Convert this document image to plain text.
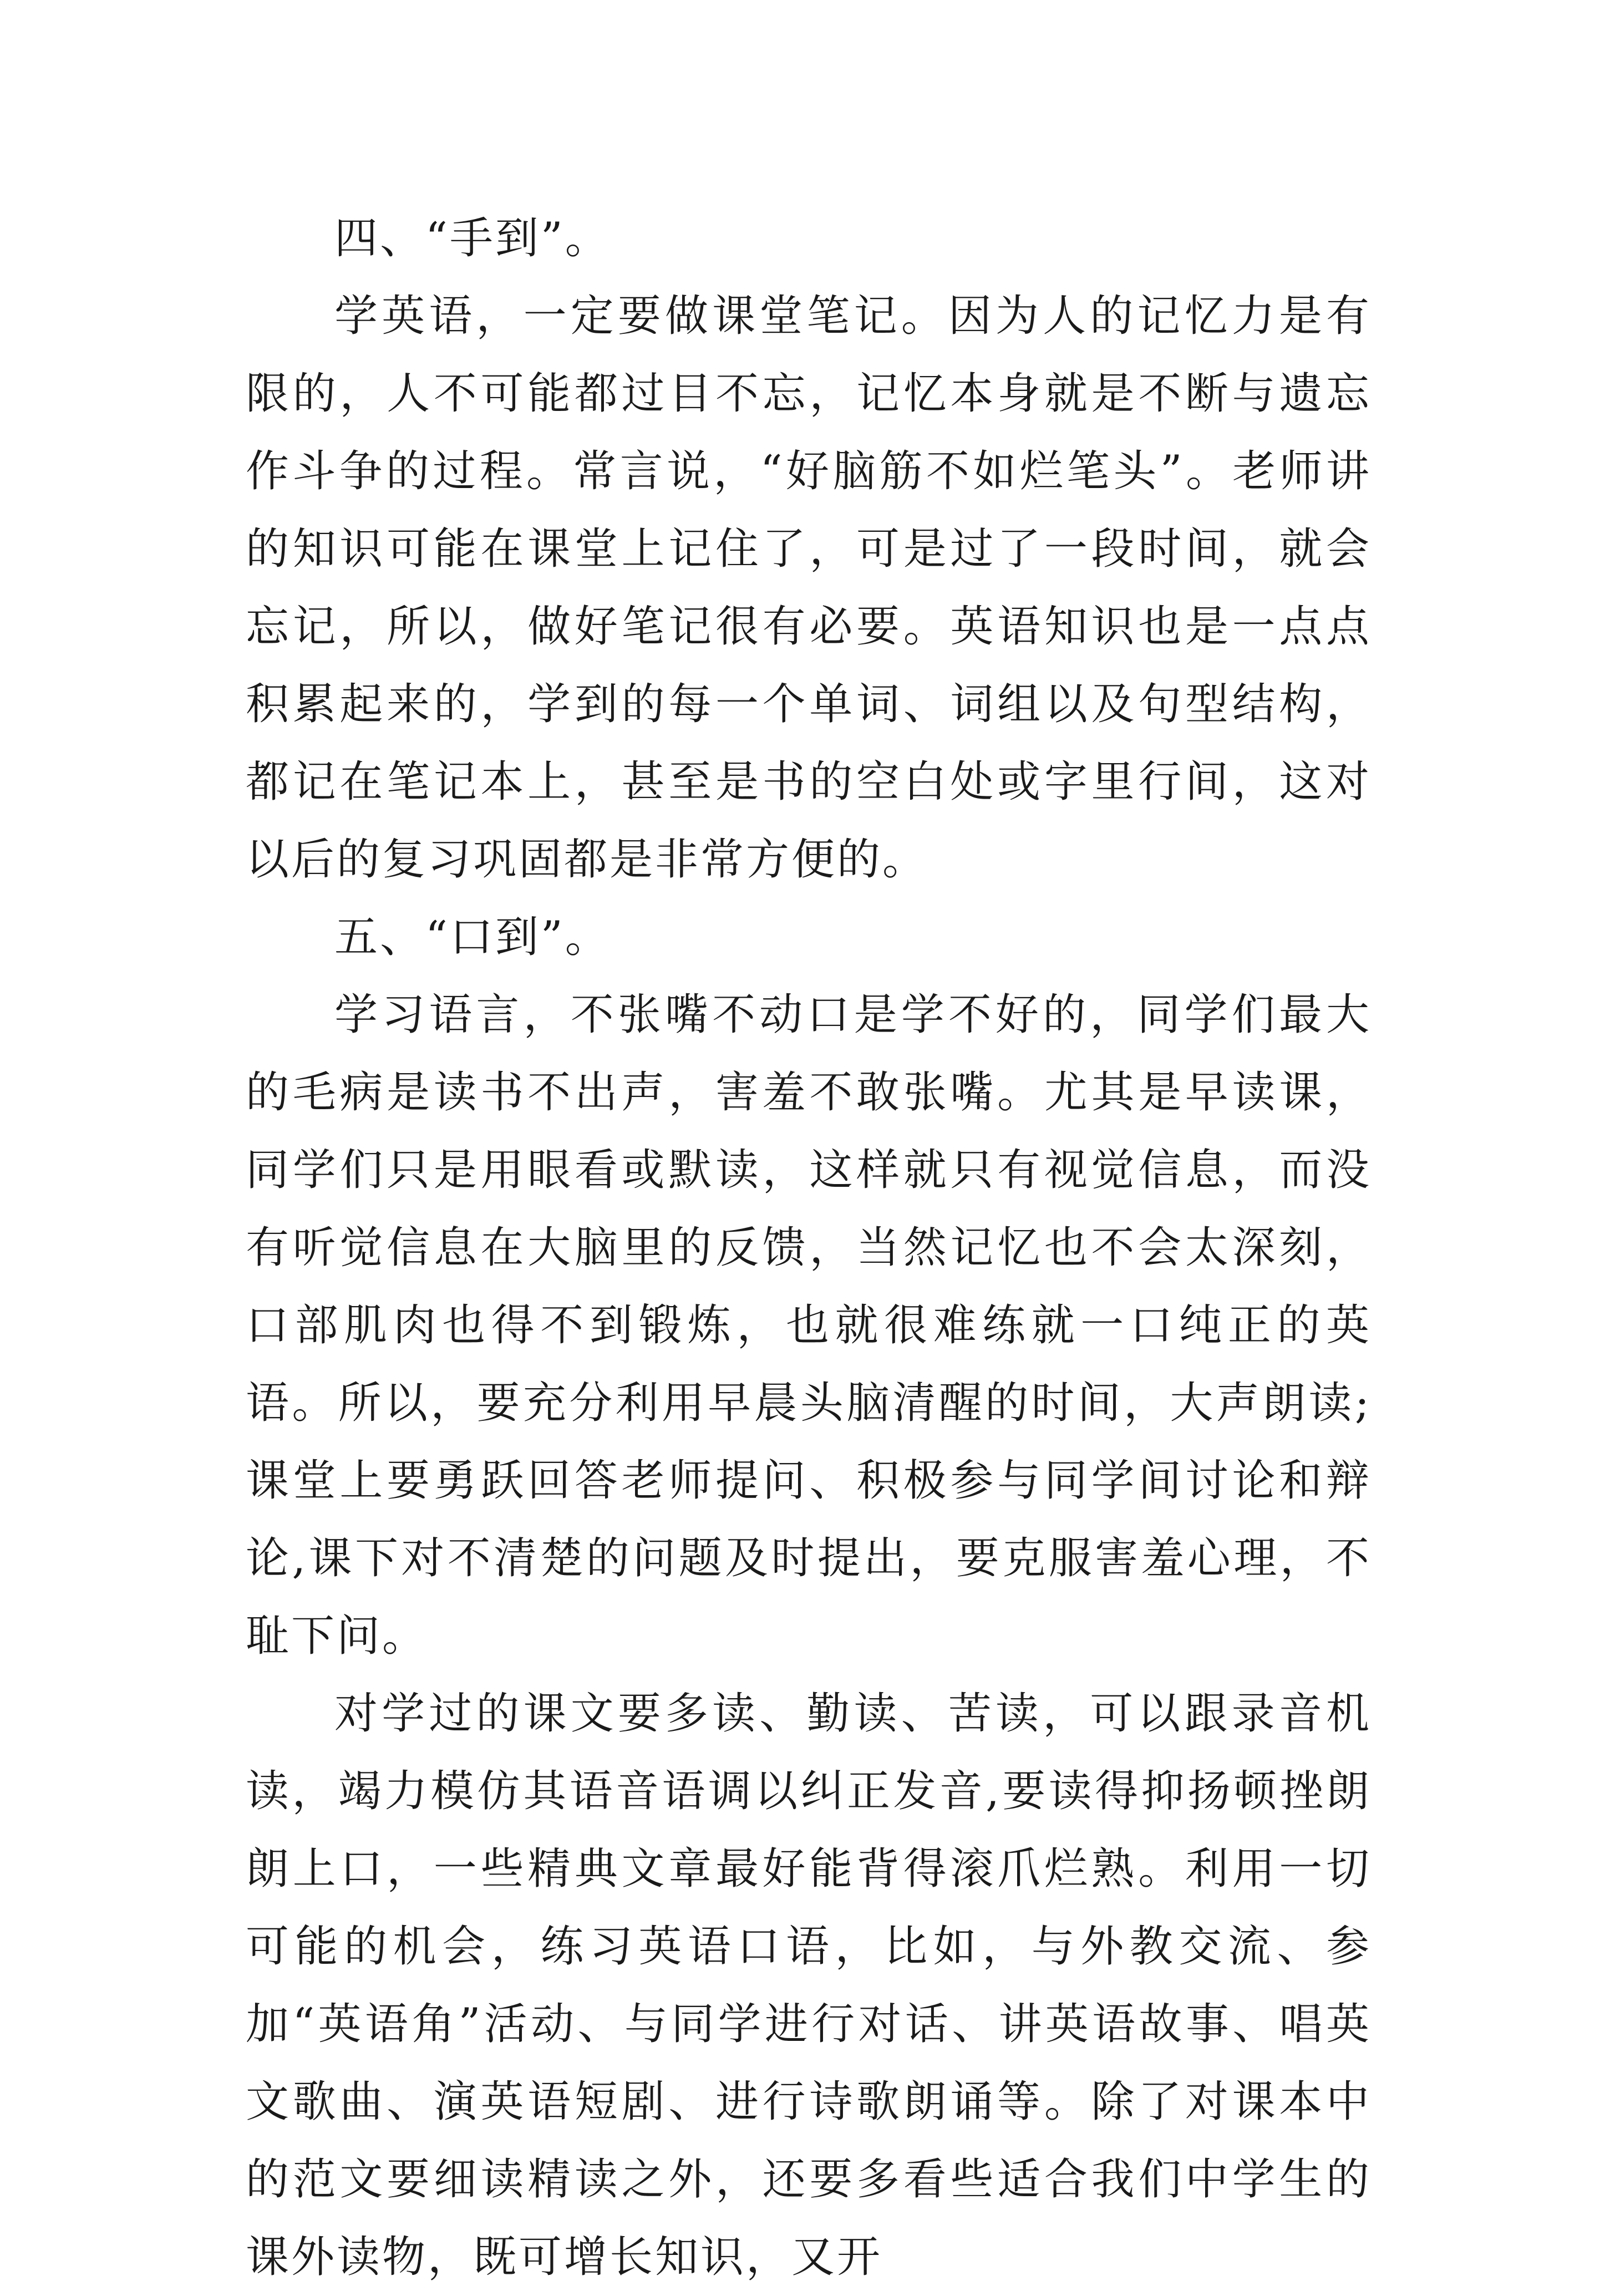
四、“手到”。

学英语，一定要做课堂笔记。因为人的记忆力是有限的，人不可能都过目不忘，记忆本身就是不断与遗忘作斗争的过程。常言说，“好脑筋不如烂笔头”。老师讲的知识可能在课堂上记住了，可是过了一段时间，就会忘记，所以，做好笔记很有必要。英语知识也是一点点积累起来的，学到的每一个单词、词组以及句型结构，都记在笔记本上，甚至是书的空白处或字里行间，这对以后的复习巩固都是非常方便的。

五、“口到”。

学习语言，不张嘴不动口是学不好的，同学们最大的毛病是读书不出声，害羞不敢张嘴。尤其是早读课，同学们只是用眼看或默读，这样就只有视觉信息，而没有听觉信息在大脑里的反馈，当然记忆也不会太深刻，口部肌肉也得不到锻炼，也就很难练就一口纯正的英语。所以，要充分利用早晨头脑清醒的时间，大声朗读;课堂上要勇跃回答老师提问、积极参与同学间讨论和辩论,课下对不清楚的问题及时提出，要克服害羞心理，不耻下问。

对学过的课文要多读、勤读、苦读，可以跟录音机读，竭力模仿其语音语调以纠正发音,要读得抑扬顿挫朗朗上口，一些精典文章最好能背得滚爪烂熟。利用一切可能的机会，练习英语口语，比如，与外教交流、参加“英语角”活动、与同学进行对话、讲英语故事、唱英文歌曲、演英语短剧、进行诗歌朗诵等。除了对课本中的范文要细读精读之外，还要多看些适合我们中学生的课外读物，既可增长知识，又开
